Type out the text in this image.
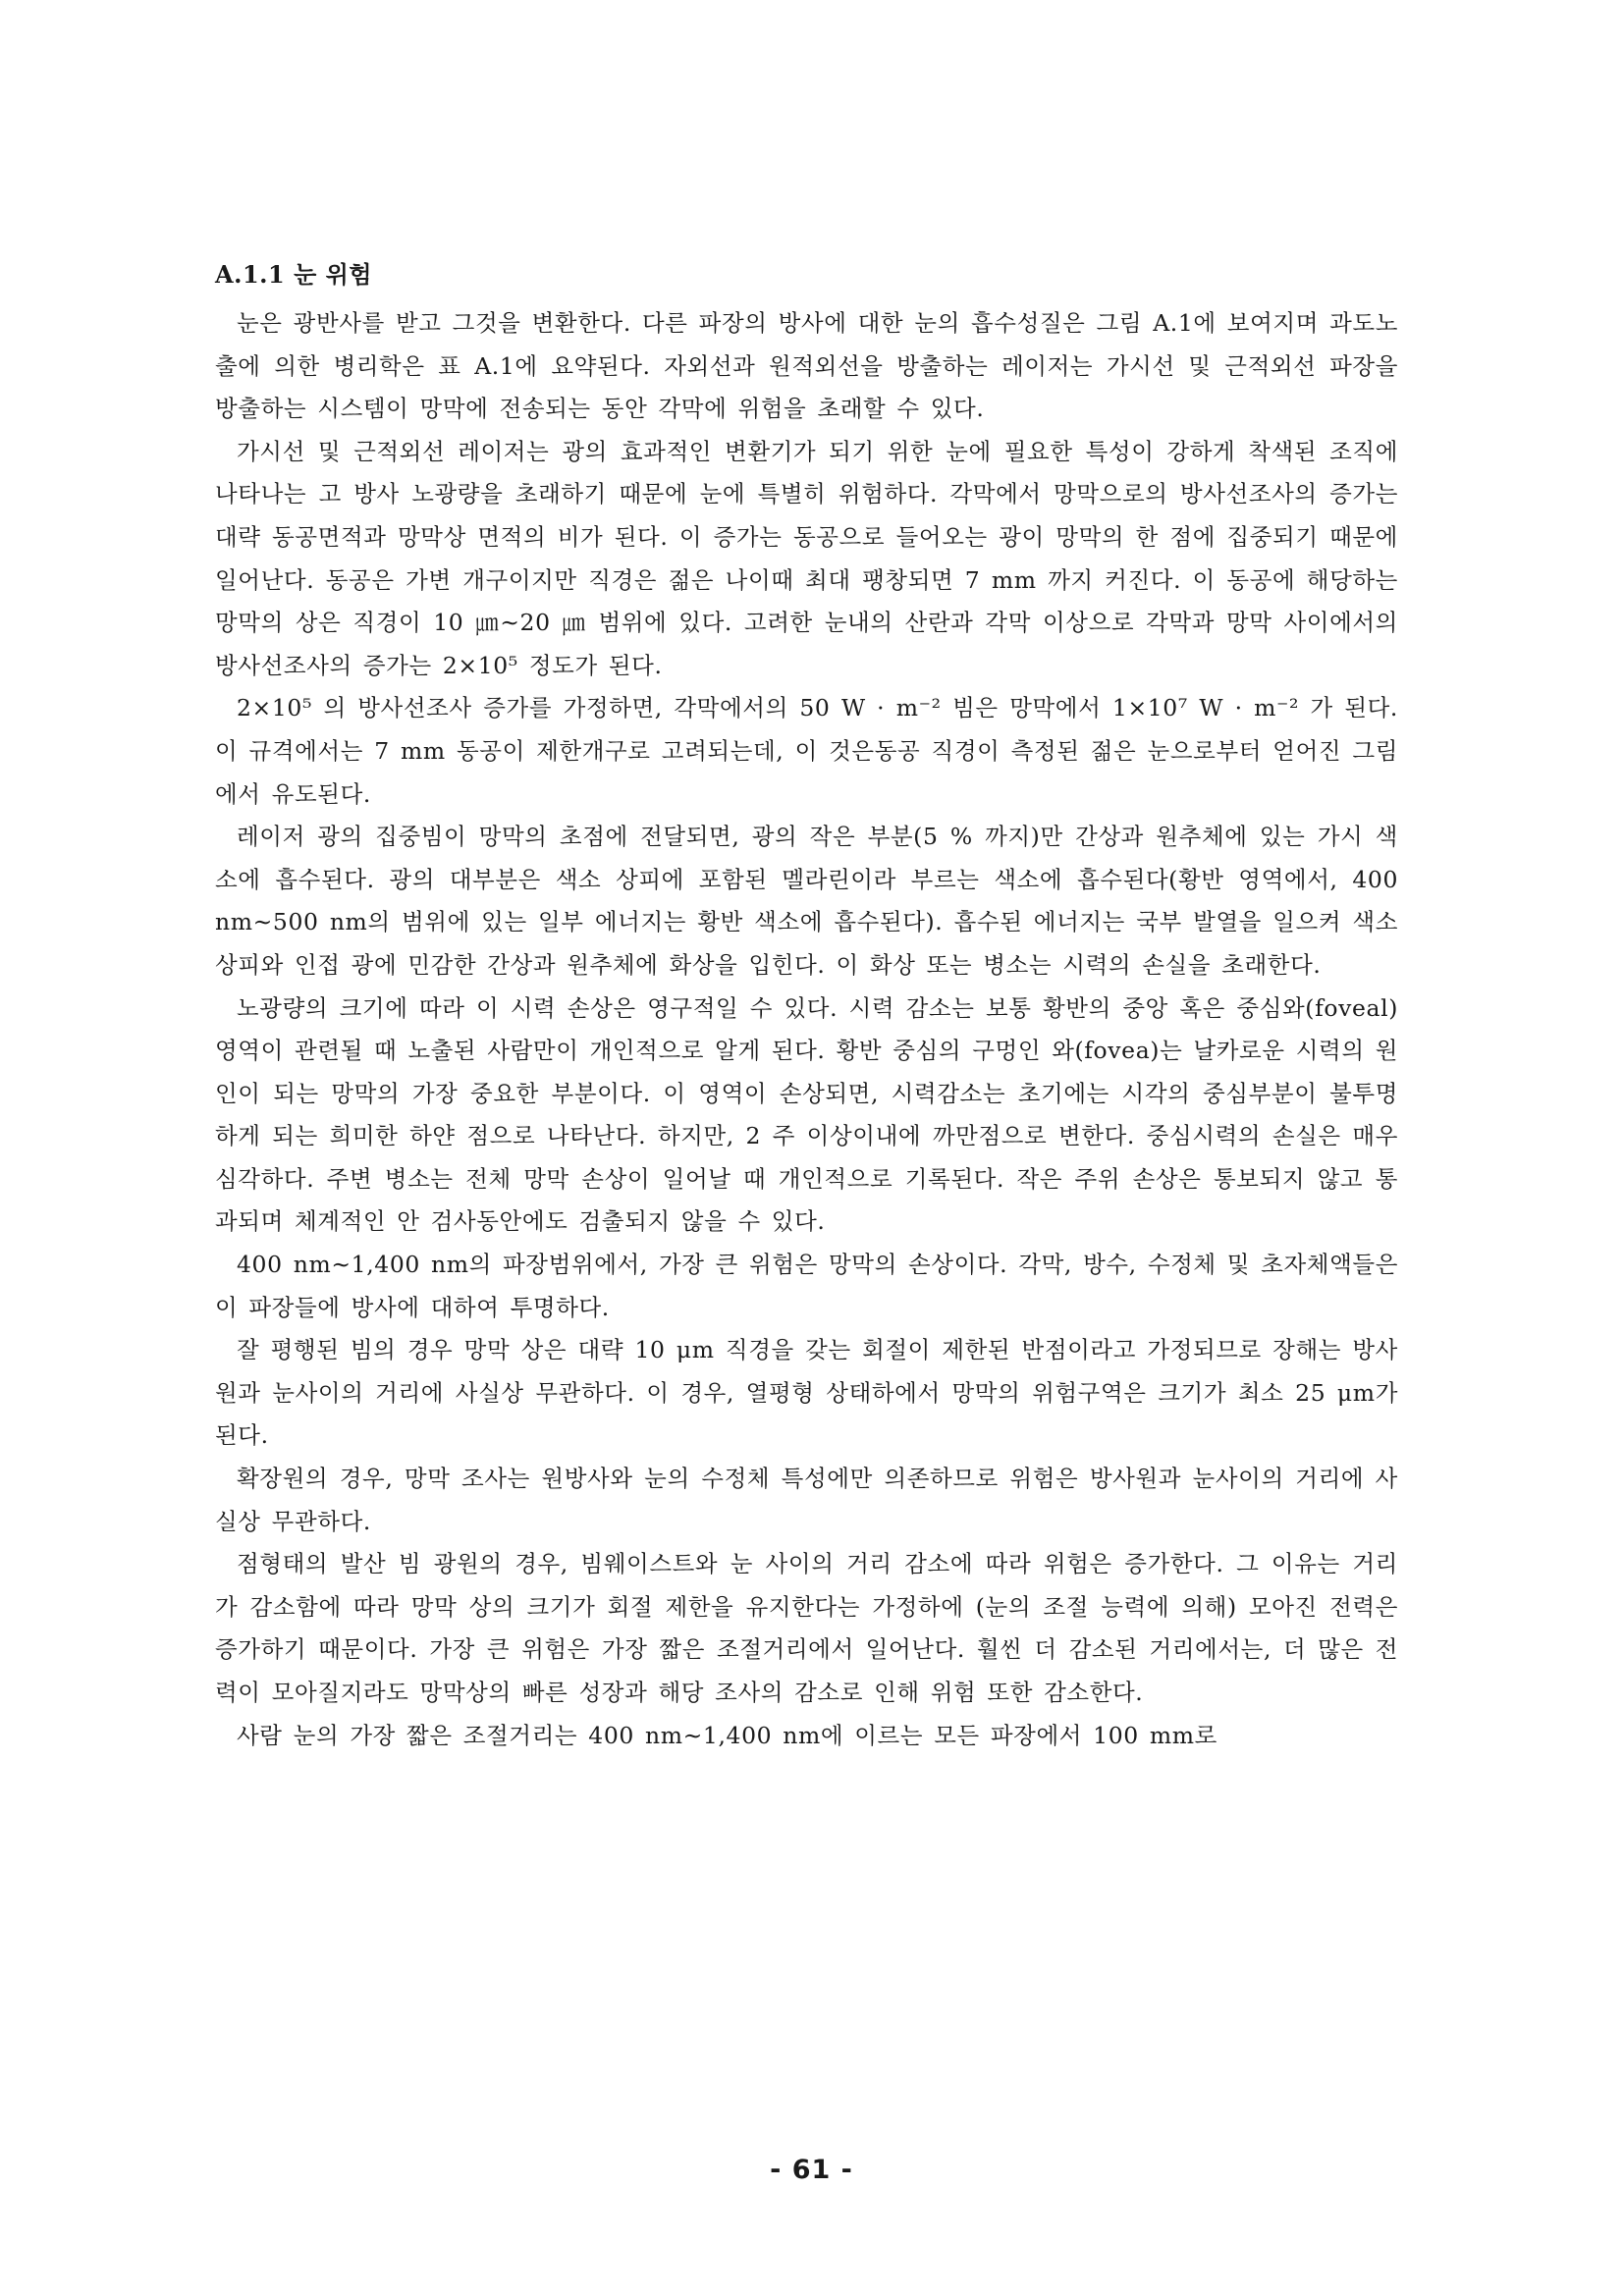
A.1.1 눈 위험

눈은 광반사를 받고 그것을 변환한다. 다른 파장의 방사에 대한 눈의 흡수성질은 그림 A.1에 보여지며 과도노출에 의한 병리학은 표 A.1에 요약된다. 자외선과 원적외선을 방출하는 레이저는 가시선 및 근적외선 파장을 방출하는 시스템이 망막에 전송되는 동안 각막에 위험을 초래할 수 있다.

가시선 및 근적외선 레이저는 광의 효과적인 변환기가 되기 위한 눈에 필요한 특성이 강하게 착색된 조직에 나타나는 고 방사 노광량을 초래하기 때문에 눈에 특별히 위험하다. 각막에서 망막으로의 방사선조사의 증가는 대략 동공면적과 망막상 면적의 비가 된다. 이 증가는 동공으로 들어오는 광이 망막의 한 점에 집중되기 때문에 일어난다. 동공은 가변 개구이지만 직경은 젊은 나이때 최대 팽창되면 7 mm 까지 커진다. 이 동공에 해당하는 망막의 상은 직경이 10 ㎛∼20 ㎛ 범위에 있다. 고려한 눈내의 산란과 각막 이상으로 각막과 망막 사이에서의 방사선조사의 증가는 2×10⁵ 정도가 된다.

2×10⁵ 의 방사선조사 증가를 가정하면, 각막에서의 50 W · m⁻² 빔은 망막에서 1×10⁷ W · m⁻² 가 된다. 이 규격에서는 7 mm 동공이 제한개구로 고려되는데, 이 것은동공 직경이 측정된 젊은 눈으로부터 얻어진 그림에서 유도된다.

레이저 광의 집중빔이 망막의 초점에 전달되면, 광의 작은 부분(5 % 까지)만 간상과 원추체에 있는 가시 색소에 흡수된다. 광의 대부분은 색소 상피에 포함된 멜라린이라 부르는 색소에 흡수된다(황반 영역에서, 400 nm∼500 nm의 범위에 있는 일부 에너지는 황반 색소에 흡수된다). 흡수된 에너지는 국부 발열을 일으켜 색소 상피와 인접 광에 민감한 간상과 원추체에 화상을 입힌다. 이 화상 또는 병소는 시력의 손실을 초래한다.

노광량의 크기에 따라 이 시력 손상은 영구적일 수 있다. 시력 감소는 보통 황반의 중앙 혹은 중심와(foveal) 영역이 관련될 때 노출된 사람만이 개인적으로 알게 된다. 황반 중심의 구멍인 와(fovea)는 날카로운 시력의 원인이 되는 망막의 가장 중요한 부분이다. 이 영역이 손상되면, 시력감소는 초기에는 시각의 중심부분이 불투명하게 되는 희미한 하얀 점으로 나타난다. 하지만, 2 주 이상이내에 까만점으로 변한다. 중심시력의 손실은 매우 심각하다. 주변 병소는 전체 망막 손상이 일어날 때 개인적으로 기록된다. 작은 주위 손상은 통보되지 않고 통과되며 체계적인 안 검사동안에도 검출되지 않을 수 있다.

400 nm∼1,400 nm의 파장범위에서, 가장 큰 위험은 망막의 손상이다. 각막, 방수, 수정체 및 초자체액들은 이 파장들에 방사에 대하여 투명하다.

잘 평행된 빔의 경우 망막 상은 대략 10 μm 직경을 갖는 회절이 제한된 반점이라고 가정되므로 장해는 방사원과 눈사이의 거리에 사실상 무관하다. 이 경우, 열평형 상태하에서 망막의 위험구역은 크기가 최소 25 μm가 된다.

확장원의 경우, 망막 조사는 원방사와 눈의 수정체 특성에만 의존하므로 위험은 방사원과 눈사이의 거리에 사실상 무관하다.

점형태의 발산 빔 광원의 경우, 빔웨이스트와 눈 사이의 거리 감소에 따라 위험은 증가한다. 그 이유는 거리가 감소함에 따라 망막 상의 크기가 회절 제한을 유지한다는 가정하에 (눈의 조절 능력에 의해) 모아진 전력은 증가하기 때문이다. 가장 큰 위험은 가장 짧은 조절거리에서 일어난다. 훨씬 더 감소된 거리에서는, 더 많은 전력이 모아질지라도 망막상의 빠른 성장과 해당 조사의 감소로 인해 위험 또한 감소한다.

사람 눈의 가장 짧은 조절거리는 400 nm∼1,400 nm에 이르는 모든 파장에서 100 mm로

- 61 -
